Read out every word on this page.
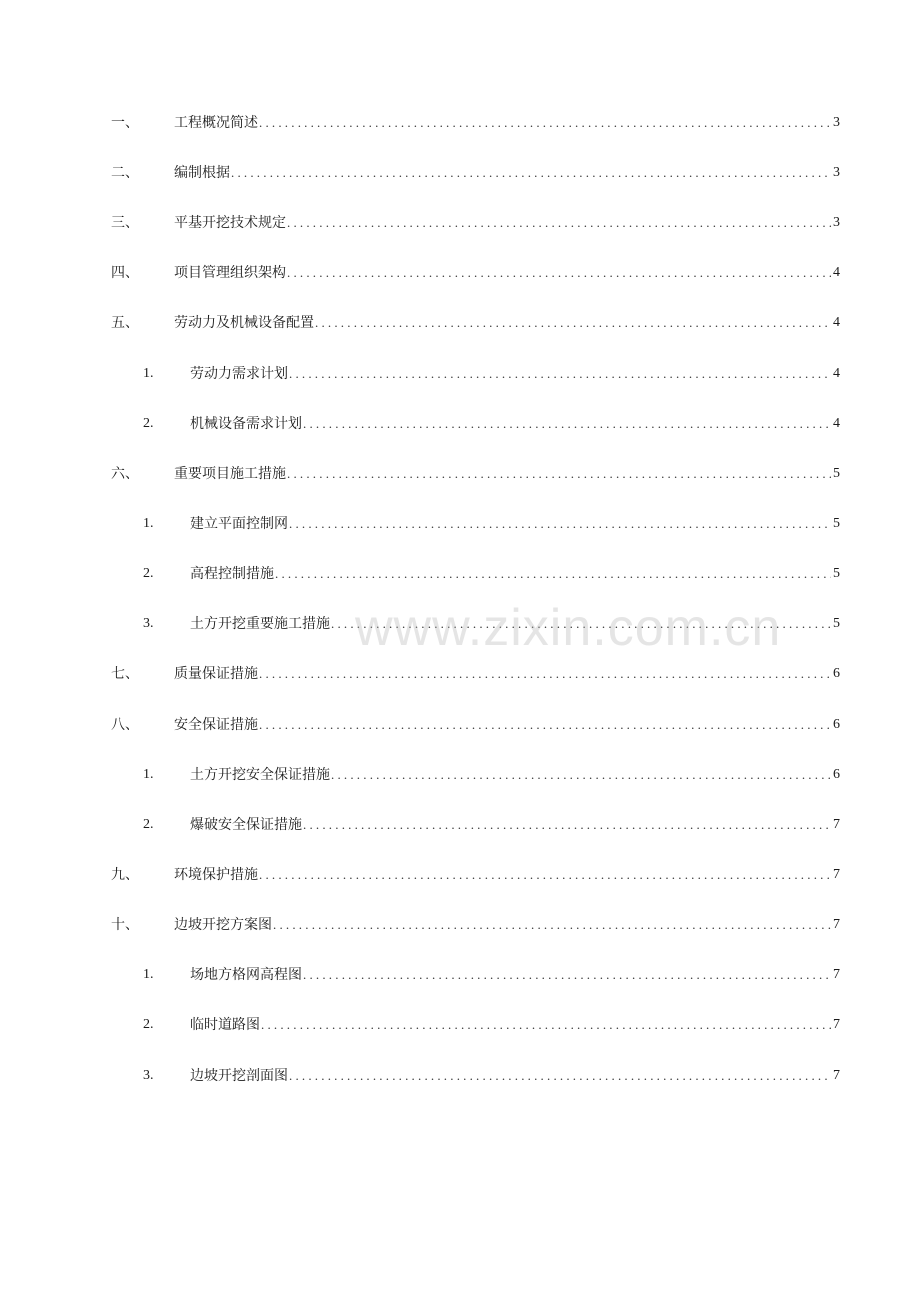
一、	工程概况简述 .....	3
二、	编制根据 .....	3
三、	平基开挖技术规定 .....	3
四、	项目管理组织架构 .....	4
五、	劳动力及机械设备配置 .....	4
1.	劳动力需求计划 .....	4
2.	机械设备需求计划 .....	4
六、	重要项目施工措施 .....	5
1.	建立平面控制网 .....	5
2.	高程控制措施 .....	5
3.	土方开挖重要施工措施 .....	5
七、	质量保证措施 .....	6
八、	安全保证措施 .....	6
1.	土方开挖安全保证措施 .....	6
2.	爆破安全保证措施 .....	7
九、	环境保护措施 .....	7
十、	边坡开挖方案图 .....	7
1.	场地方格网高程图 .....	7
2.	临时道路图 .....	7
3.	边坡开挖剖面图 .....	7
www.zixin.com.cn
